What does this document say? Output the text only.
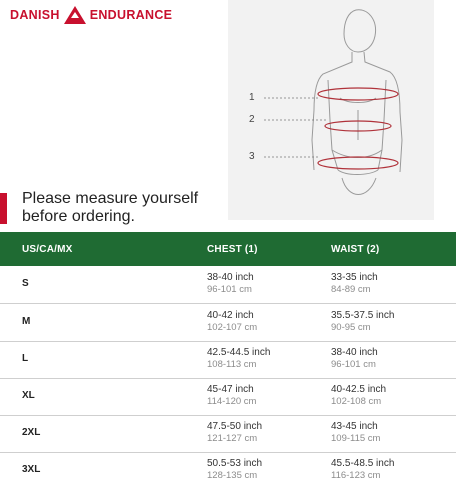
DANISH ENDURANCE
1
2
3
Please measure yourself
before ordering.
US/CA/MX	CHEST (1)	WAIST (2)
S
38-40 inch
96-101 cm
33-35 inch
84-89 cm
M
40-42 inch
102-107 cm
35.5-37.5 inch
90-95 cm
L
42.5-44.5 inch
108-113 cm
38-40 inch
96-101 cm
XL
45-47 inch
114-120 cm
40-42.5 inch
102-108 cm
2XL
47.5-50 inch
121-127 cm
43-45 inch
109-115 cm
3XL
50.5-53 inch
128-135 cm
45.5-48.5 inch
116-123 cm
